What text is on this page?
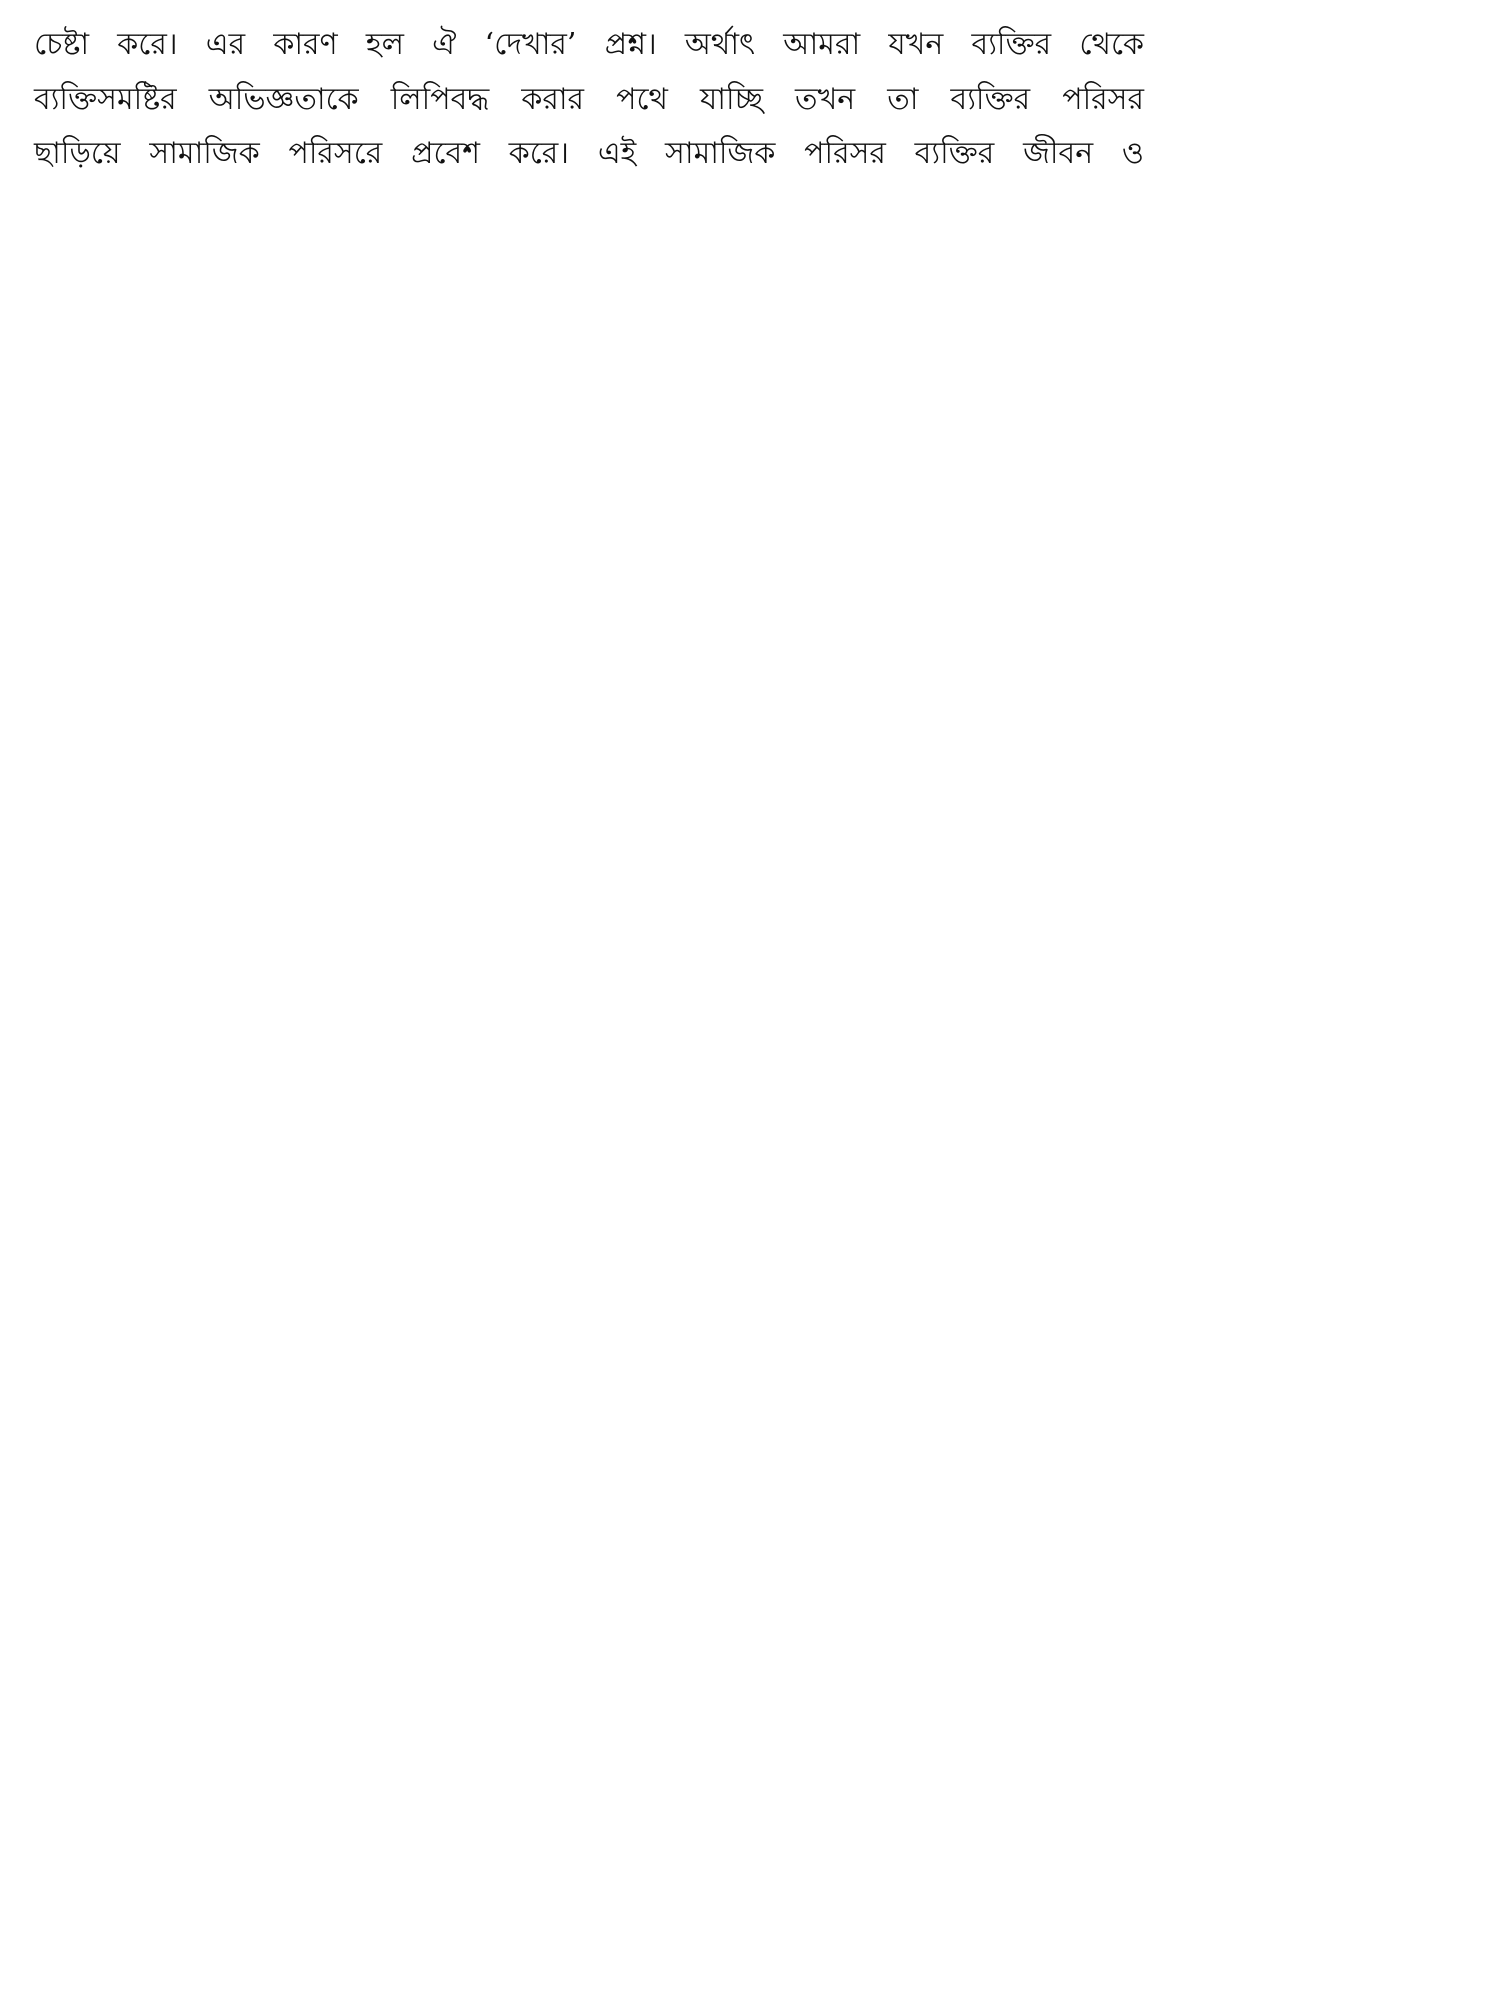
চেষ্টা করে। এর কারণ হল ঐ ‘দেখার’ প্রশ্ন। অর্থাৎ আমরা যখন ব্যক্তির থেকে
ব্যক্তিসমষ্টির অভিজ্ঞতাকে লিপিবদ্ধ করার পথে যাচ্ছি তখন তা ব্যক্তির পরিসর
ছাড়িয়ে সামাজিক পরিসরে প্রবেশ করে। এই সামাজিক পরিসর ব্যক্তির জীবন ও
